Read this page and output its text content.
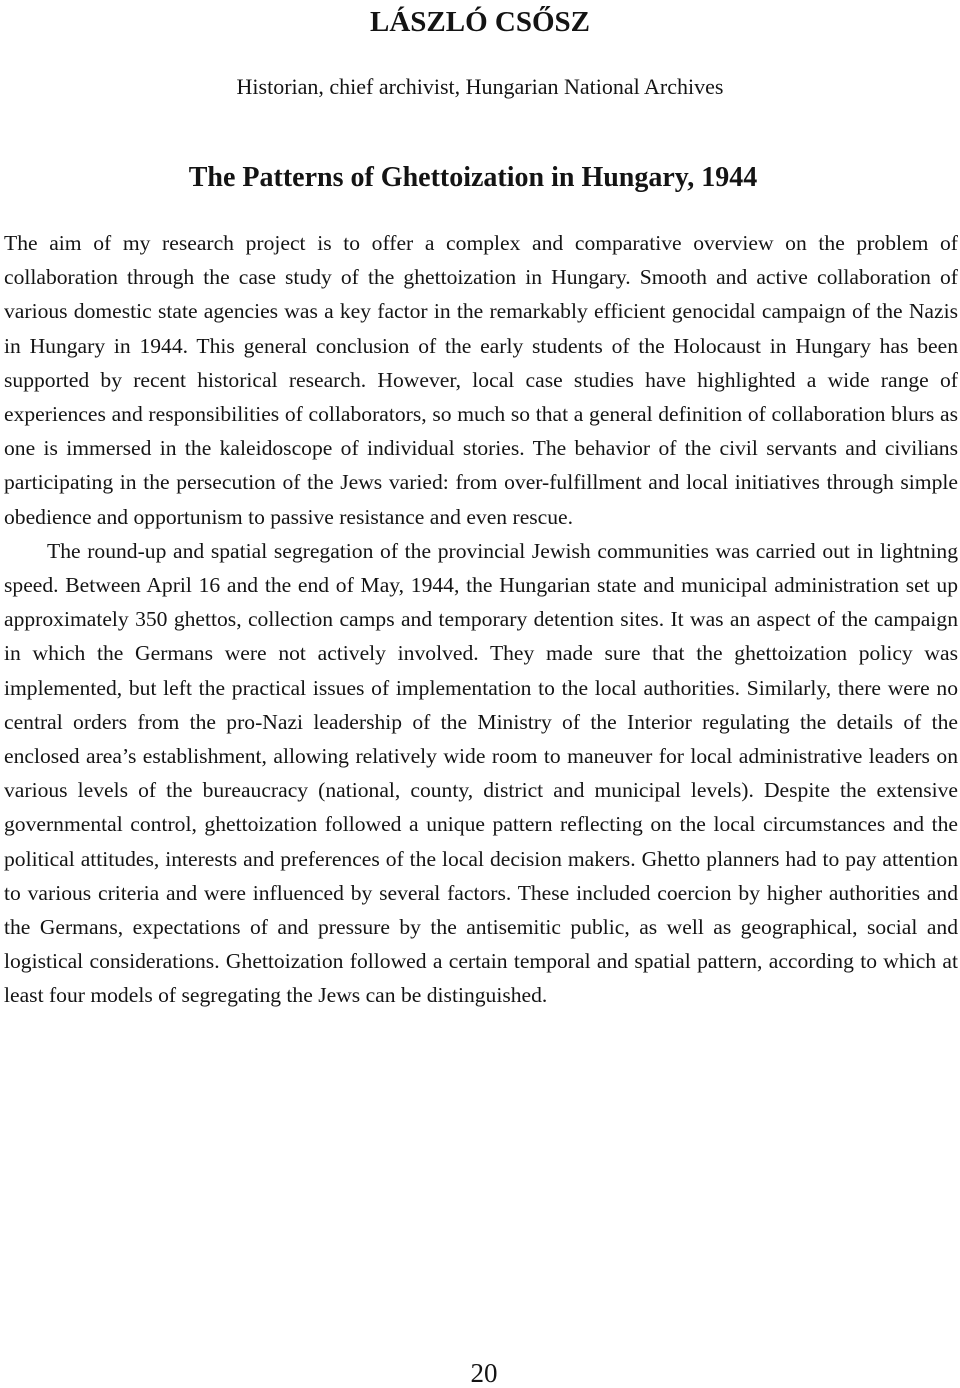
LÁSZLÓ CSŐSZ

Historian, chief archivist, Hungarian National Archives

The Patterns of Ghettoization in Hungary, 1944

The aim of my research project is to offer a complex and comparative overview on the problem of collaboration through the case study of the ghettoization in Hungary. Smooth and active collaboration of various domestic state agencies was a key factor in the remarkably efficient genocidal campaign of the Nazis in Hungary in 1944. This general conclusion of the early students of the Holocaust in Hungary has been supported by recent historical research. However, local case studies have highlighted a wide range of experiences and responsibilities of collaborators, so much so that a general definition of collaboration blurs as one is immersed in the kaleidoscope of individual stories. The behavior of the civil servants and civilians participating in the persecution of the Jews varied: from over-fulfillment and local initiatives through simple obedience and opportunism to passive resistance and even rescue.

The round-up and spatial segregation of the provincial Jewish communities was carried out in lightning speed. Between April 16 and the end of May, 1944, the Hungarian state and municipal administration set up approximately 350 ghettos, collection camps and temporary detention sites. It was an aspect of the campaign in which the Germans were not actively involved. They made sure that the ghettoization policy was implemented, but left the practical issues of implementation to the local authorities. Similarly, there were no central orders from the pro-Nazi leadership of the Ministry of the Interior regulating the details of the enclosed area’s establishment, allowing relatively wide room to maneuver for local administrative leaders on various levels of the bureaucracy (national, county, district and municipal levels). Despite the extensive governmental control, ghettoization followed a unique pattern reflecting on the local circumstances and the political attitudes, interests and preferences of the local decision makers. Ghetto planners had to pay attention to various criteria and were influenced by several factors. These included coercion by higher authorities and the Germans, expectations of and pressure by the antisemitic public, as well as geographical, social and logistical considerations. Ghettoization followed a certain temporal and spatial pattern, according to which at least four models of segregating the Jews can be distinguished.

20
